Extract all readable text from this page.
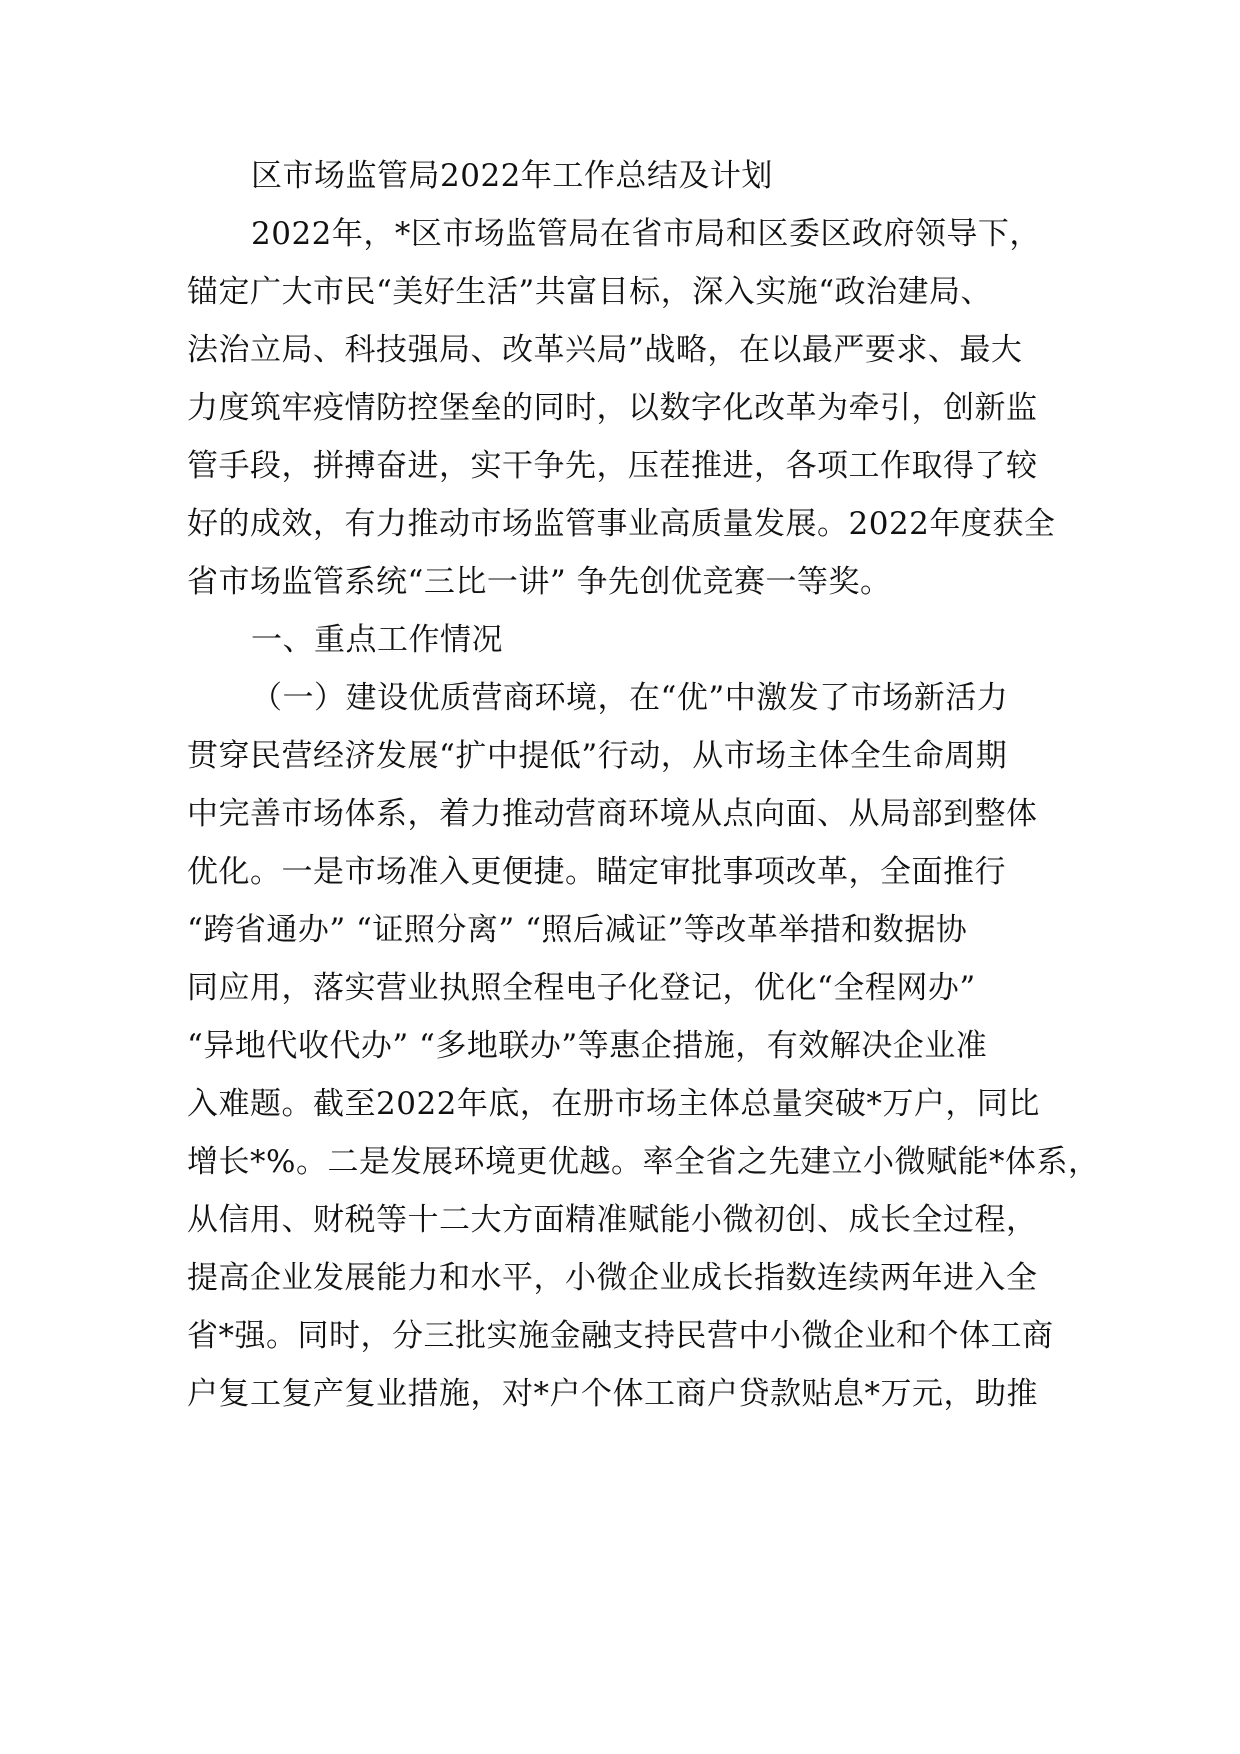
区市场监管局2022年工作总结及计划
2022年，*区市场监管局在省市局和区委区政府领导下，
锚定广大市民“美好生活”共富目标，深入实施“政治建局、
法治立局、科技强局、改革兴局”战略，在以最严要求、最大
力度筑牢疫情防控堡垒的同时，以数字化改革为牵引，创新监
管手段，拼搏奋进，实干争先，压茬推进，各项工作取得了较
好的成效，有力推动市场监管事业高质量发展。2022年度获全
省市场监管系统“三比一讲” 争先创优竞赛一等奖。
一、重点工作情况
（一）建设优质营商环境，在“优”中激发了市场新活力
贯穿民营经济发展“扩中提低”行动，从市场主体全生命周期
中完善市场体系，着力推动营商环境从点向面、从局部到整体
优化。一是市场准入更便捷。瞄定审批事项改革，全面推行
“跨省通办” “证照分离” “照后减证”等改革举措和数据协
同应用，落实营业执照全程电子化登记，优化“全程网办”
“异地代收代办” “多地联办”等惠企措施，有效解决企业准
入难题。截至2022年底，在册市场主体总量突破*万户，同比
增长*%。二是发展环境更优越。率全省之先建立小微赋能*体系，
从信用、财税等十二大方面精准赋能小微初创、成长全过程，
提高企业发展能力和水平，小微企业成长指数连续两年进入全
省*强。同时，分三批实施金融支持民营中小微企业和个体工商
户复工复产复业措施，对*户个体工商户贷款贴息*万元，助推
